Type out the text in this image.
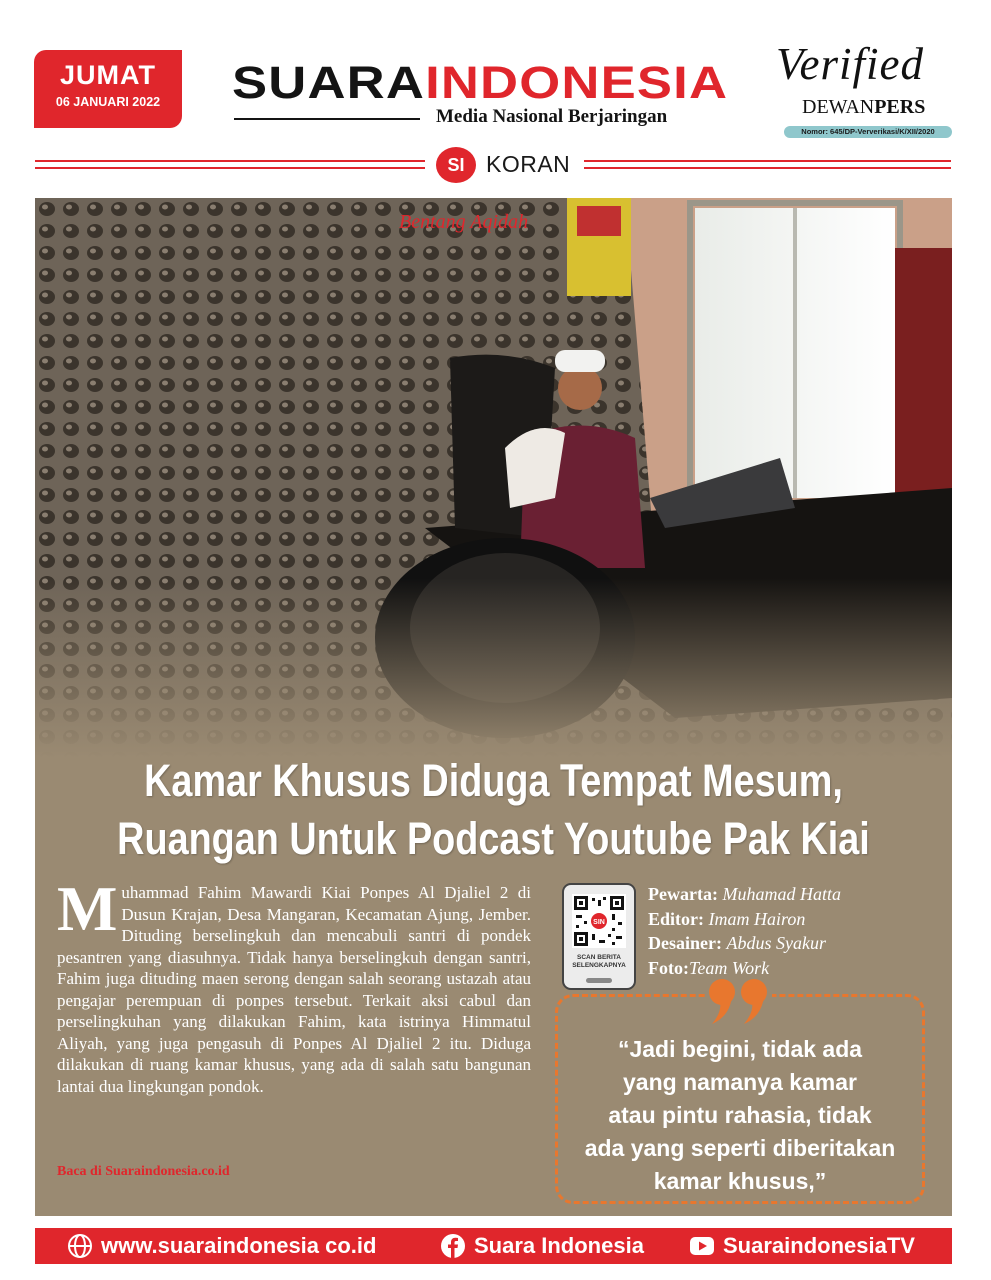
JUMAT
06 JANUARI 2022	SUARAINDONESIA
Media Nasional Berjaringan
Verified
DEWANPERS
Nomor: 645/DP-Ververikasi/K/XII/2020
SI KORAN
Bentang Aqidah
Kamar Khusus Diduga Tempat Mesum,
Ruangan Untuk Podcast Youtube Pak Kiai
Muhammad Fahim Mawardi Kiai Ponpes Al Djaliel 2 di Dusun Krajan, Desa Mangaran, Kecamatan Ajung, Jember. Dituding berselingkuh dan mencabuli santri di pondek pesantren yang diasuhnya. Tidak hanya berselingkuh dengan santri, Fahim juga dituding maen serong dengan salah seorang ustazah atau pengajar perempuan di ponpes tersebut. Terkait aksi cabul dan perselingkuhan yang dilakukan Fahim, kata istrinya Himmatul Aliyah, yang juga pengasuh di Ponpes Al Djaliel 2 itu. Diduga dilakukan di ruang kamar khusus, yang ada di salah satu bangunan lantai dua lingkungan pondok.
Baca di Suaraindonesia.co.id
SIN
SCAN BERITA
SELENGKAPNYA
Pewarta: Muhamad Hatta
Editor: Imam Hairon
Desainer: Abdus Syakur
Foto:Team Work
“Jadi begini, tidak ada
yang namanya kamar
atau pintu rahasia, tidak
ada yang seperti diberitakan
kamar khusus,”
www.suaraindonesia co.id	Suara Indonesia	SuaraindonesiaTV
